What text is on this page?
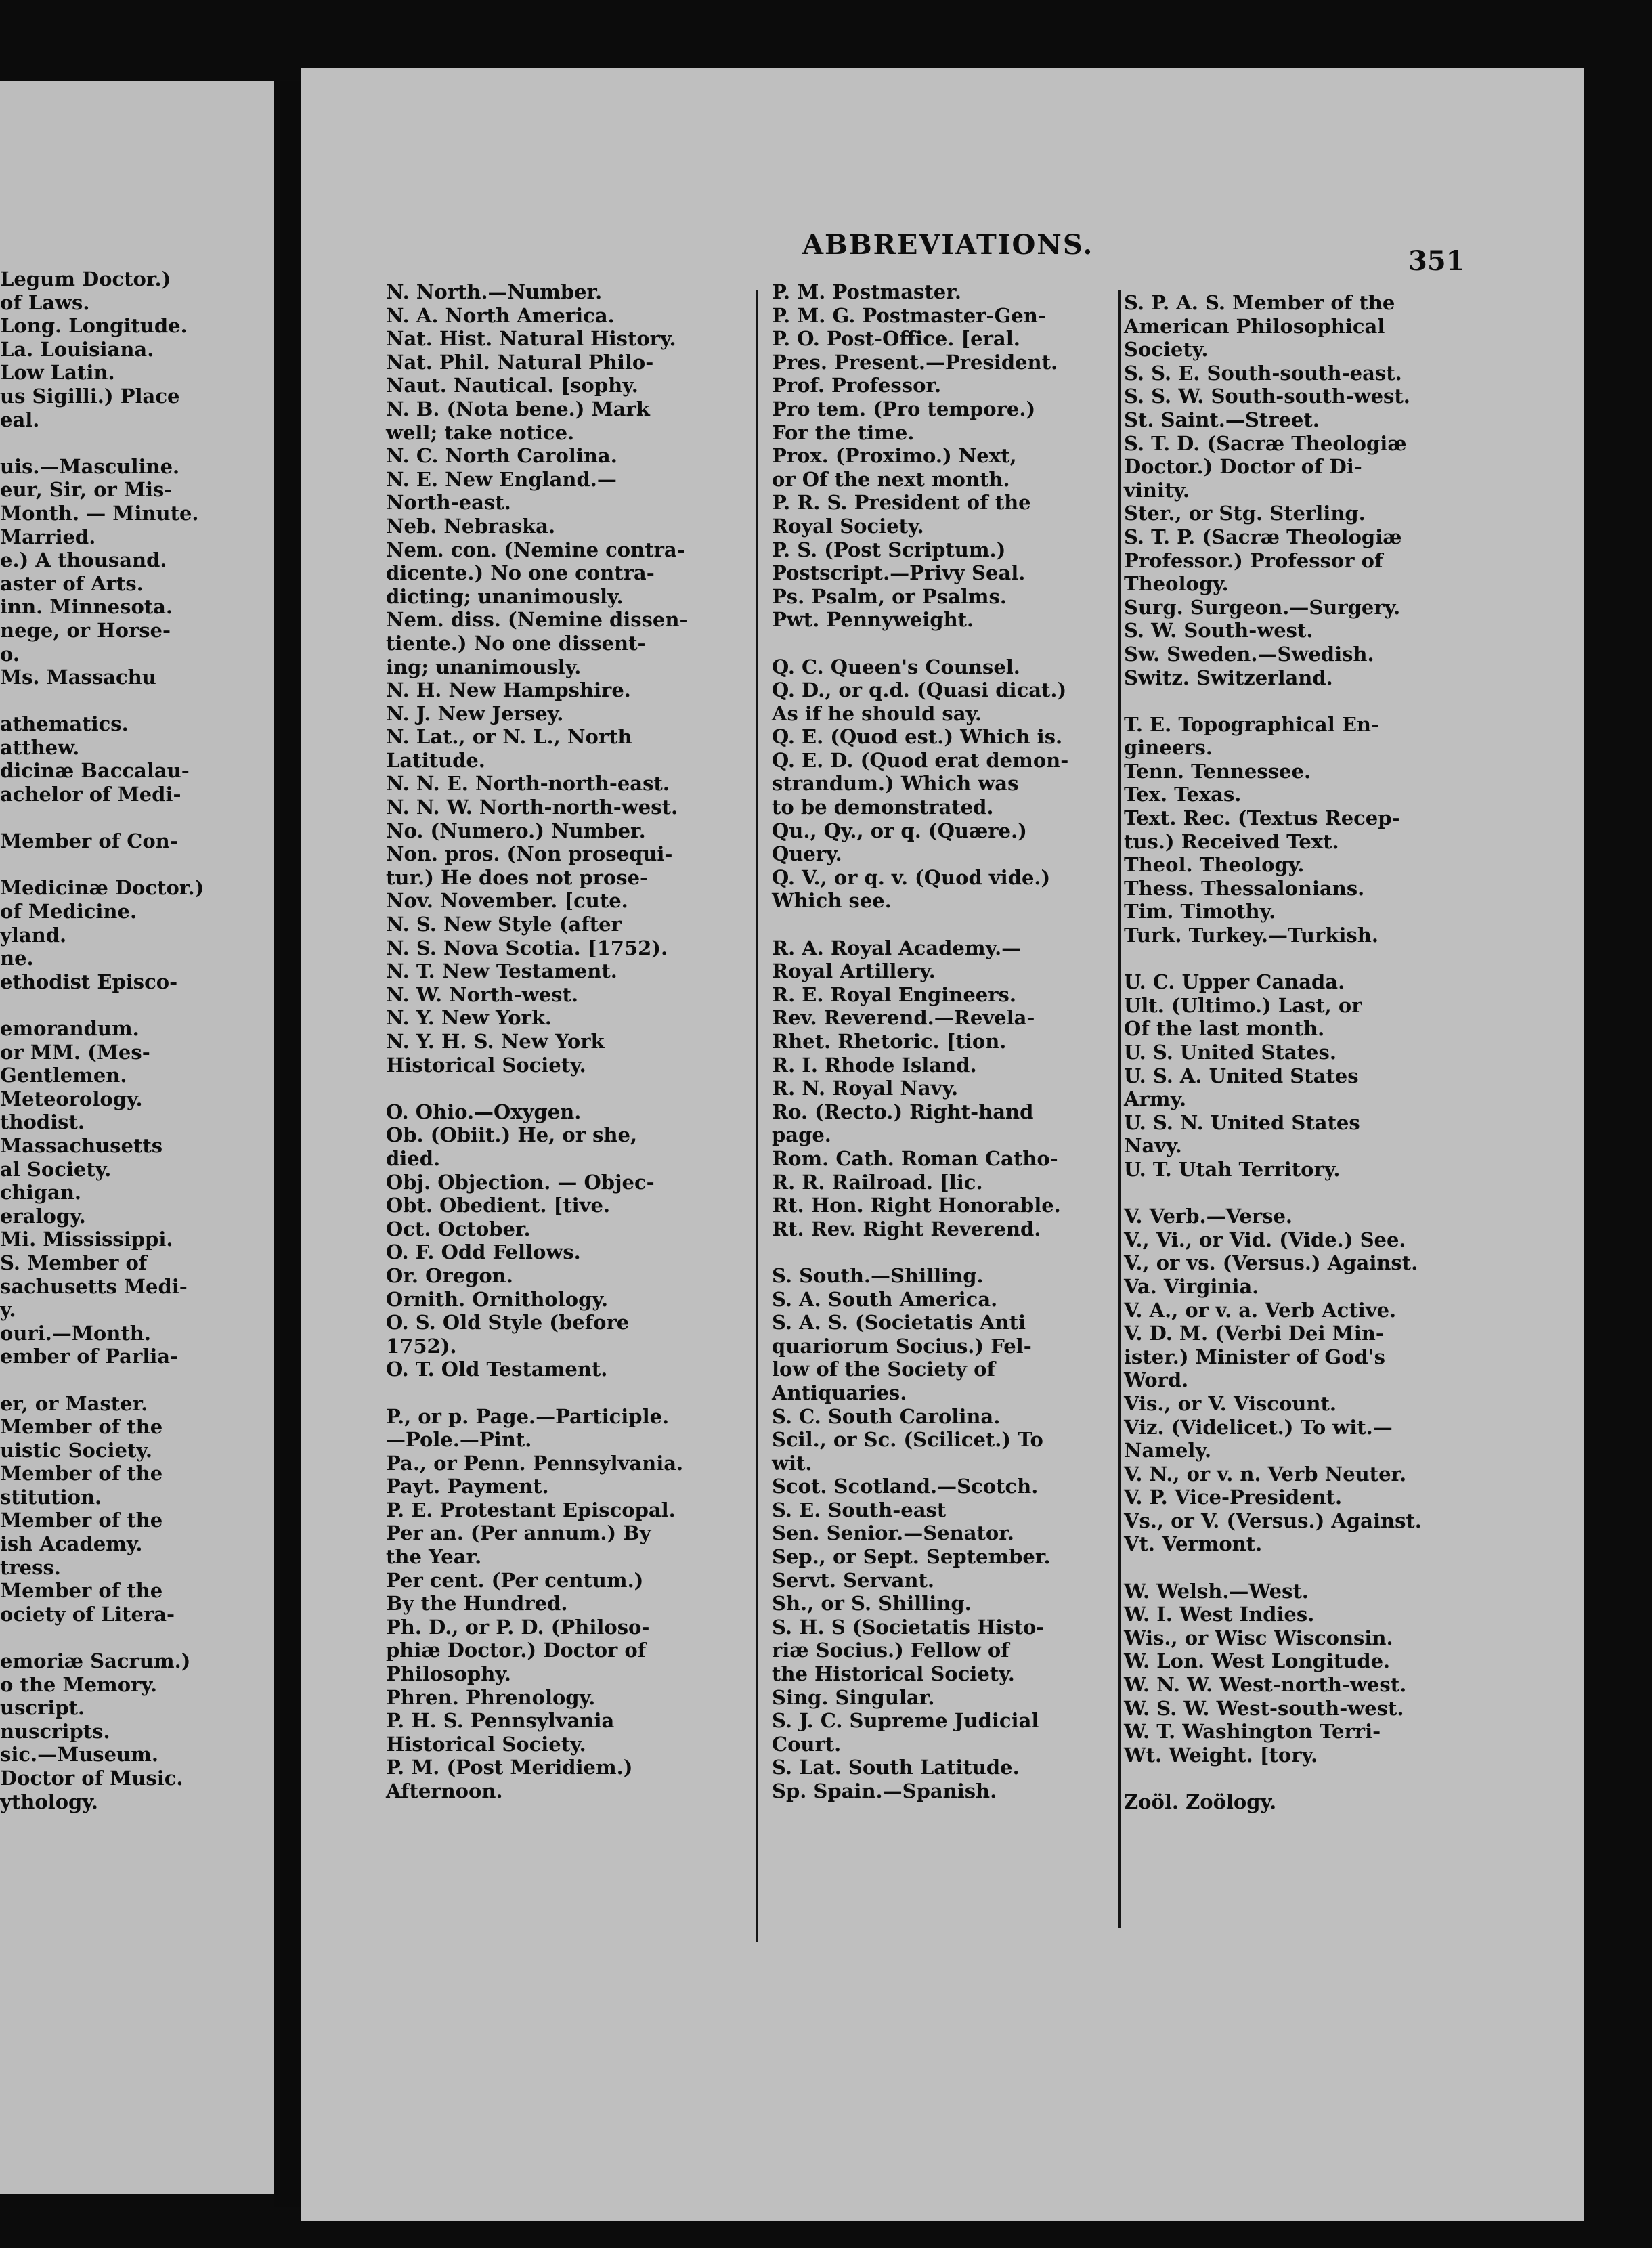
Legum Doctor.)
of Laws.
Long. Longitude.
La. Louisiana.
Low Latin.
us Sigilli.) Place
eal.
uis.—Masculine.
eur, Sir, or Mis-
Month. — Minute.
Married.
e.) A thousand.
aster of Arts.
inn. Minnesota.
nege, or Horse-
o.
Ms. Massachu
athematics.
atthew.
dicinæ Baccalau-
achelor of Medi-
Member of Con-
Medicinæ Doctor.)
of Medicine.
yland.
ne.
ethodist Episco-
emorandum.
or MM. (Mes-
Gentlemen.
Meteorology.
thodist.
Massachusetts
al Society.
chigan.
eralogy.
Mi. Mississippi.
S. Member of
sachusetts Medi-
y.
ouri.—Month.
ember of Parlia-
er, or Master.
Member of the
uistic Society.
Member of the
stitution.
Member of the
ish Academy.
tress.
Member of the
ociety of Litera-
emoriæ Sacrum.)
o the Memory.
uscript.
nuscripts.
sic.—Museum.
Doctor of Music.
ythology.
ABBREVIATIONS.
351
N. North.—Number.
N. A. North America.
Nat. Hist. Natural History.
Nat. Phil. Natural Philo-
Naut. Nautical. [sophy.
N. B. (Nota bene.) Mark
well; take notice.
N. C. North Carolina.
N. E. New England.—
North-east.
Neb. Nebraska.
Nem. con. (Nemine contra-
dicente.) No one contra-
dicting; unanimously.
Nem. diss. (Nemine dissen-
tiente.) No one dissent-
ing; unanimously.
N. H. New Hampshire.
N. J. New Jersey.
N. Lat., or N. L., North
Latitude.
N. N. E. North-north-east.
N. N. W. North-north-west.
No. (Numero.) Number.
Non. pros. (Non prosequi-
tur.) He does not prose-
Nov. November. [cute.
N. S. New Style (after
N. S. Nova Scotia. [1752).
N. T. New Testament.
N. W. North-west.
N. Y. New York.
N. Y. H. S. New York
Historical Society.
O. Ohio.—Oxygen.
Ob. (Obiit.) He, or she,
died.
Obj. Objection. — Objec-
Obt. Obedient. [tive.
Oct. October.
O. F. Odd Fellows.
Or. Oregon.
Ornith. Ornithology.
O. S. Old Style (before
1752).
O. T. Old Testament.
P., or p. Page.—Participle.
—Pole.—Pint.
Pa., or Penn. Pennsylvania.
Payt. Payment.
P. E. Protestant Episcopal.
Per an. (Per annum.) By
the Year.
Per cent. (Per centum.)
By the Hundred.
Ph. D., or P. D. (Philoso-
phiæ Doctor.) Doctor of
Philosophy.
Phren. Phrenology.
P. H. S. Pennsylvania
Historical Society.
P. M. (Post Meridiem.)
Afternoon.
P. M. Postmaster.
P. M. G. Postmaster-Gen-
P. O. Post-Office. [eral.
Pres. Present.—President.
Prof. Professor.
Pro tem. (Pro tempore.)
For the time.
Prox. (Proximo.) Next,
or Of the next month.
P. R. S. President of the
Royal Society.
P. S. (Post Scriptum.)
Postscript.—Privy Seal.
Ps. Psalm, or Psalms.
Pwt. Pennyweight.
Q. C. Queen's Counsel.
Q. D., or q.d. (Quasi dicat.)
As if he should say.
Q. E. (Quod est.) Which is.
Q. E. D. (Quod erat demon-
strandum.) Which was
to be demonstrated.
Qu., Qy., or q. (Quære.)
Query.
Q. V., or q. v. (Quod vide.)
Which see.
R. A. Royal Academy.—
Royal Artillery.
R. E. Royal Engineers.
Rev. Reverend.—Revela-
Rhet. Rhetoric. [tion.
R. I. Rhode Island.
R. N. Royal Navy.
Ro. (Recto.) Right-hand
page.
Rom. Cath. Roman Catho-
R. R. Railroad. [lic.
Rt. Hon. Right Honorable.
Rt. Rev. Right Reverend.
S. South.—Shilling.
S. A. South America.
S. A. S. (Societatis Anti
quariorum Socius.) Fel-
low of the Society of
Antiquaries.
S. C. South Carolina.
Scil., or Sc. (Scilicet.) To
wit.
Scot. Scotland.—Scotch.
S. E. South-east
Sen. Senior.—Senator.
Sep., or Sept. September.
Servt. Servant.
Sh., or S. Shilling.
S. H. S (Societatis Histo-
riæ Socius.) Fellow of
the Historical Society.
Sing. Singular.
S. J. C. Supreme Judicial
Court.
S. Lat. South Latitude.
Sp. Spain.—Spanish.
S. P. A. S. Member of the
American Philosophical
Society.
S. S. E. South-south-east.
S. S. W. South-south-west.
St. Saint.—Street.
S. T. D. (Sacræ Theologiæ
Doctor.) Doctor of Di-
vinity.
Ster., or Stg. Sterling.
S. T. P. (Sacræ Theologiæ
Professor.) Professor of
Theology.
Surg. Surgeon.—Surgery.
S. W. South-west.
Sw. Sweden.—Swedish.
Switz. Switzerland.
T. E. Topographical En-
gineers.
Tenn. Tennessee.
Tex. Texas.
Text. Rec. (Textus Recep-
tus.) Received Text.
Theol. Theology.
Thess. Thessalonians.
Tim. Timothy.
Turk. Turkey.—Turkish.
U. C. Upper Canada.
Ult. (Ultimo.) Last, or
Of the last month.
U. S. United States.
U. S. A. United States
Army.
U. S. N. United States
Navy.
U. T. Utah Territory.
V. Verb.—Verse.
V., Vi., or Vid. (Vide.) See.
V., or vs. (Versus.) Against.
Va. Virginia.
V. A., or v. a. Verb Active.
V. D. M. (Verbi Dei Min-
ister.) Minister of God's
Word.
Vis., or V. Viscount.
Viz. (Videlicet.) To wit.—
Namely.
V. N., or v. n. Verb Neuter.
V. P. Vice-President.
Vs., or V. (Versus.) Against.
Vt. Vermont.
W. Welsh.—West.
W. I. West Indies.
Wis., or Wisc Wisconsin.
W. Lon. West Longitude.
W. N. W. West-north-west.
W. S. W. West-south-west.
W. T. Washington Terri-
Wt. Weight. [tory.
Zoöl. Zoölogy.
